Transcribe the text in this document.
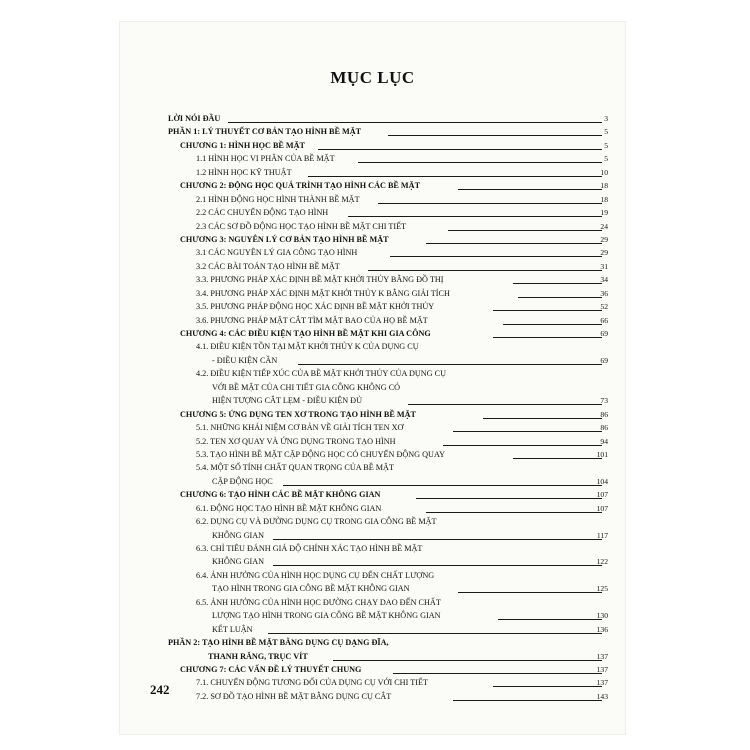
MỤC LỤC
LỜI NÓI ĐẦU	3
PHẦN 1: LÝ THUYẾT CƠ BẢN TẠO HÌNH BỀ MẶT	5
CHƯƠNG 1: HÌNH HỌC BỀ MẶT	5
1.1 HÌNH HỌC VI PHÂN CỦA BỀ MẶT	5
1.2 HÌNH HỌC KỸ THUẬT	10
CHƯƠNG 2: ĐỘNG HỌC QUÁ TRÌNH TẠO HÌNH CÁC BỀ MẶT	18
2.1 HÌNH ĐỘNG HỌC HÌNH THÀNH BỀ MẶT	18
2.2 CÁC CHUYỂN ĐỘNG TẠO HÌNH	19
2.3 CÁC SƠ ĐỒ ĐỘNG HỌC TẠO HÌNH BỀ MẶT CHI TIẾT	24
CHƯƠNG 3: NGUYÊN LÝ CƠ BẢN TẠO HÌNH BỀ MẶT	29
3.1 CÁC NGUYÊN LÝ GIA CÔNG TẠO HÌNH	29
3.2 CÁC BÀI TOÁN TẠO HÌNH BỀ MẶT	31
3.3. PHƯƠNG PHÁP XÁC ĐỊNH BỀ MẶT KHỞI THỦY BẰNG ĐỒ THỊ	34
3.4. PHƯƠNG PHÁP XÁC ĐỊNH MẶT KHỞI THỦY K BẰNG GIẢI TÍCH	36
3.5. PHƯƠNG PHÁP ĐỘNG HỌC XÁC ĐỊNH BỀ MẶT KHỞI THỦY	52
3.6. PHƯƠNG PHÁP MẶT CẮT TÌM MẶT BAO CỦA HỌ BỀ MẶT	66
CHƯƠNG 4: CÁC ĐIỀU KIỆN TẠO HÌNH BỀ MẶT KHI GIA CÔNG	69
4.1. ĐIỀU KIỆN TỒN TẠI MẶT KHỞI THỦY K CỦA DỤNG CỤ
- ĐIỀU KIỆN CẦN	69
4.2. ĐIỀU KIỆN TIẾP XÚC CỦA BỀ MẶT KHỞI THỦY CỦA DỤNG CỤ
VỚI BỀ MẶT CỦA CHI TIẾT GIA CÔNG KHÔNG CÓ
HIỆN TƯỢNG CẮT LẸM - ĐIỀU KIỆN ĐỦ	73
CHƯƠNG 5: ỨNG DỤNG TEN XƠ TRONG TẠO HÌNH BỀ MẶT	86
5.1. NHỮNG KHÁI NIỆM CƠ BẢN VỀ GIẢI TÍCH TEN XƠ	86
5.2. TEN XƠ QUAY VÀ ỨNG DỤNG TRONG TẠO HÌNH	94
5.3. TẠO HÌNH BỀ MẶT CẶP ĐỘNG HỌC CÓ CHUYỂN ĐỘNG QUAY	101
5.4. MỘT SỐ TÍNH CHẤT QUAN TRỌNG CỦA BỀ MẶT
CẶP ĐỘNG HỌC	104
CHƯƠNG 6: TẠO HÌNH CÁC BỀ MẶT KHÔNG GIAN	107
6.1. ĐỘNG HỌC TẠO HÌNH BỀ MẶT KHÔNG GIAN	107
6.2. DỤNG CỤ VÀ ĐƯỜNG DỤNG CỤ TRONG GIA CÔNG BỀ MẶT
KHÔNG GIAN	117
6.3. CHỈ TIÊU ĐÁNH GIÁ ĐỘ CHÍNH XÁC TẠO HÌNH BỀ MẶT
KHÔNG GIAN	122
6.4. ẢNH HƯỞNG CỦA HÌNH HỌC DỤNG CỤ ĐẾN CHẤT LƯỢNG
TẠO HÌNH TRONG GIA CÔNG BỀ MẶT KHÔNG GIAN	125
6.5. ẢNH HƯỞNG CỦA HÌNH HỌC ĐƯỜNG CHẠY DAO ĐẾN CHẤT
LƯỢNG TẠO HÌNH TRONG GIA CÔNG BỀ MẶT KHÔNG GIAN	130
KẾT LUẬN	136
PHẦN 2: TẠO HÌNH BỀ MẶT BẰNG DỤNG CỤ DẠNG ĐĨA,
THANH RĂNG, TRỤC VÍT	137
CHƯƠNG 7: CÁC VẤN ĐỀ LÝ THUYẾT CHUNG	137
7.1. CHUYỂN ĐỘNG TƯƠNG ĐỐI CỦA DỤNG CỤ VỚI CHI TIẾT	137
7.2. SƠ ĐỒ TẠO HÌNH BỀ MẶT BẰNG DỤNG CỤ CẮT	143
242
